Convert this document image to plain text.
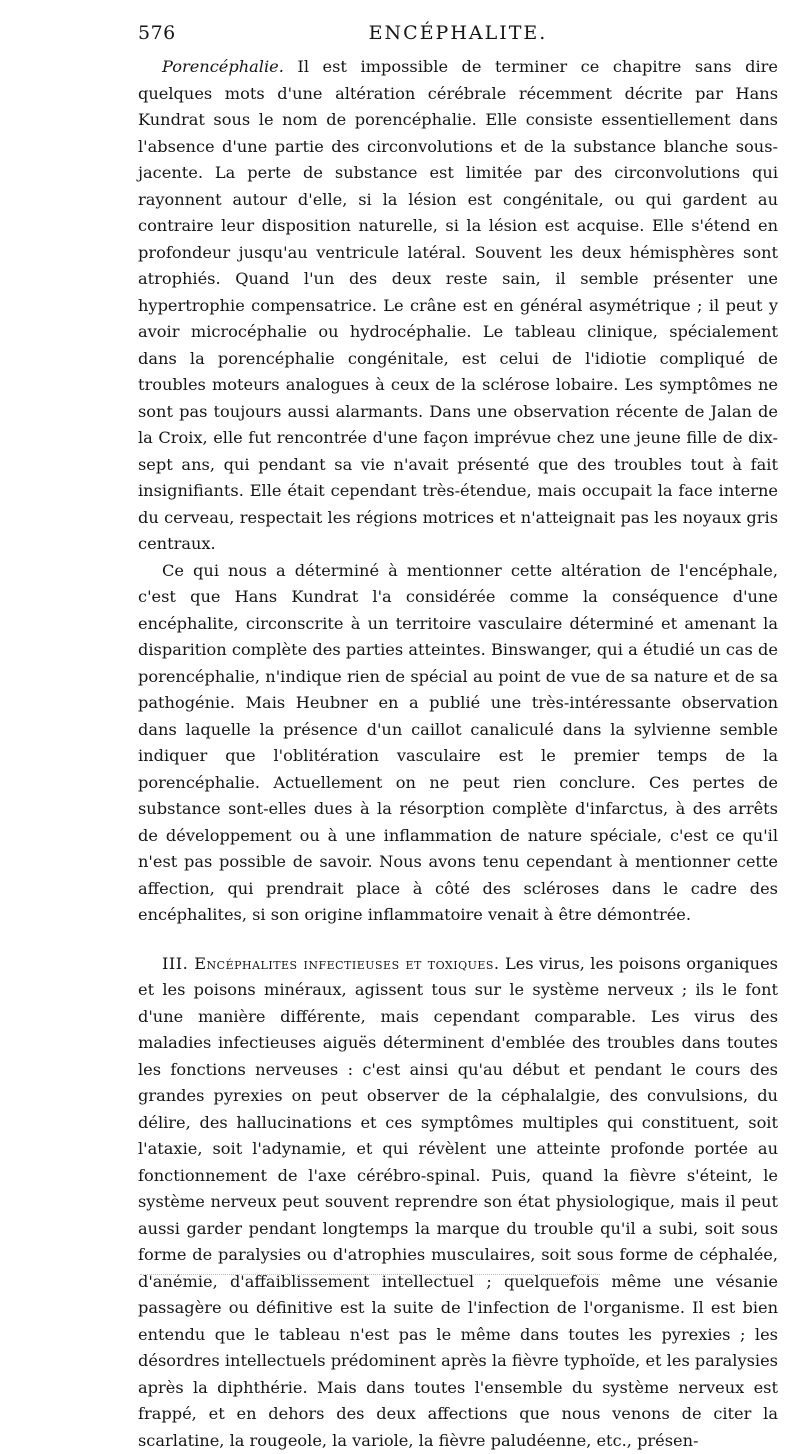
576	ENCÉPHALITE.

Porencéphalie. Il est impossible de terminer ce chapitre sans dire quelques mots d'une altération cérébrale récemment décrite par Hans Kundrat sous le nom de porencéphalie. Elle consiste essentiellement dans l'absence d'une partie des circonvolutions et de la substance blanche sous-jacente. La perte de substance est limitée par des circonvolutions qui rayonnent autour d'elle, si la lésion est congénitale, ou qui gardent au contraire leur disposition naturelle, si la lésion est acquise. Elle s'étend en profondeur jusqu'au ventricule latéral. Souvent les deux hémisphères sont atrophiés. Quand l'un des deux reste sain, il semble présenter une hypertrophie compensatrice. Le crâne est en général asymétrique ; il peut y avoir microcéphalie ou hydrocéphalie. Le tableau clinique, spécialement dans la porencéphalie congénitale, est celui de l'idiotie compliqué de troubles moteurs analogues à ceux de la sclérose lobaire. Les symptômes ne sont pas toujours aussi alarmants. Dans une observation récente de Jalan de la Croix, elle fut rencontrée d'une façon imprévue chez une jeune fille de dix-sept ans, qui pendant sa vie n'avait présenté que des troubles tout à fait insignifiants. Elle était cependant très-étendue, mais occupait la face interne du cerveau, respectait les régions motrices et n'atteignait pas les noyaux gris centraux.

Ce qui nous a déterminé à mentionner cette altération de l'encéphale, c'est que Hans Kundrat l'a considérée comme la conséquence d'une encéphalite, circonscrite à un territoire vasculaire déterminé et amenant la disparition complète des parties atteintes. Binswanger, qui a étudié un cas de porencéphalie, n'indique rien de spécial au point de vue de sa nature et de sa pathogénie. Mais Heubner en a publié une très-intéressante observation dans laquelle la présence d'un caillot canaliculé dans la sylvienne semble indiquer que l'oblitération vasculaire est le premier temps de la porencéphalie. Actuellement on ne peut rien conclure. Ces pertes de substance sont-elles dues à la résorption complète d'infarctus, à des arrêts de développement ou à une inflammation de nature spéciale, c'est ce qu'il n'est pas possible de savoir. Nous avons tenu cependant à mentionner cette affection, qui prendrait place à côté des scléroses dans le cadre des encéphalites, si son origine inflammatoire venait à être démontrée.

III. Encéphalites infectieuses et toxiques. Les virus, les poisons organiques et les poisons minéraux, agissent tous sur le système nerveux ; ils le font d'une manière différente, mais cependant comparable. Les virus des maladies infectieuses aiguës déterminent d'emblée des troubles dans toutes les fonctions nerveuses : c'est ainsi qu'au début et pendant le cours des grandes pyrexies on peut observer de la céphalalgie, des convulsions, du délire, des hallucinations et ces symptômes multiples qui constituent, soit l'ataxie, soit l'adynamie, et qui révèlent une atteinte profonde portée au fonctionnement de l'axe cérébro-spinal. Puis, quand la fièvre s'éteint, le système nerveux peut souvent reprendre son état physiologique, mais il peut aussi garder pendant longtemps la marque du trouble qu'il a subi, soit sous forme de paralysies ou d'atrophies musculaires, soit sous forme de céphalée, d'anémie, d'affaiblissement intellectuel ; quelquefois même une vésanie passagère ou définitive est la suite de l'infection de l'organisme. Il est bien entendu que le tableau n'est pas le même dans toutes les pyrexies ; les désordres intellectuels prédominent après la fièvre typhoïde, et les paralysies après la diphthérie. Mais dans toutes l'ensemble du système nerveux est frappé, et en dehors des deux affections que nous venons de citer la scarlatine, la rougeole, la variole, la fièvre paludéenne, etc., présen-
